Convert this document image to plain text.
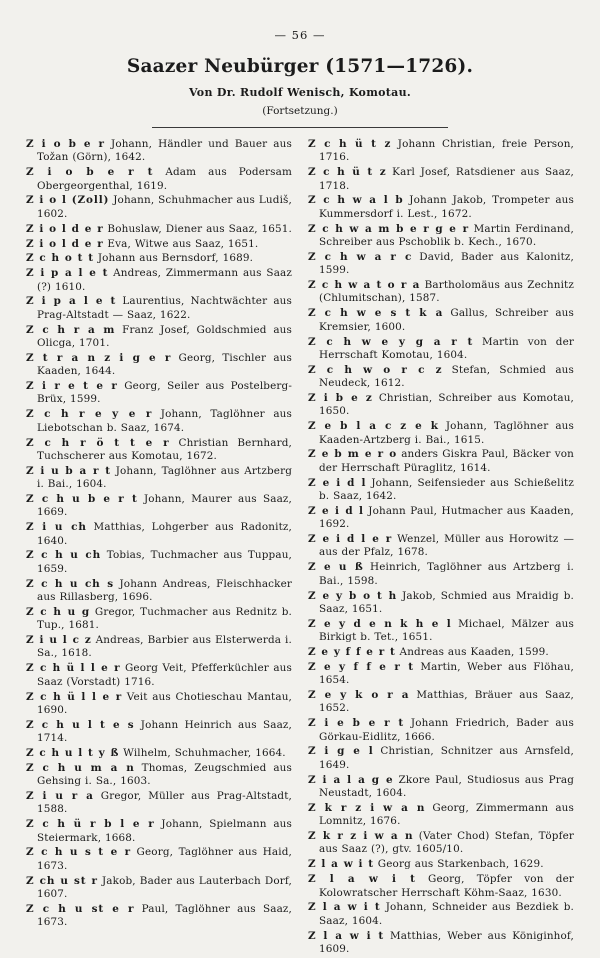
— 56 —
Saazer Neubürger (1571—1726).
Von Dr. Rudolf Wenisch, Komotau.
(Fortsetzung.)

Z i o b e r Johann, Händler und Bauer aus Tožan (Görn), 1642.

Z i o b e r t Adam aus Podersam Obergeorgenthal, 1619.

Z i o l (Zoll) Johann, Schuhmacher aus Ludiš, 1602.

Z i o l d e r Bohuslaw, Diener aus Saaz, 1651.

Z i o l d e r Eva, Witwe aus Saaz, 1651.

Z c h o t t Johann aus Bernsdorf, 1689.

Z i p a l e t Andreas, Zimmermann aus Saaz (?) 1610.

Z i p a l e t Laurentius, Nachtwächter aus Prag-Altstadt — Saaz, 1622.

Z c h r a m Franz Josef, Goldschmied aus Olicga, 1701.

Z t r a n z i g e r Georg, Tischler aus Kaaden, 1644.

Z i r e t e r Georg, Seiler aus Postelberg-Brüx, 1599.

Z c h r e y e r Johann, Taglöhner aus Liebotschan b. Saaz, 1674.

Z c h r ö t t e r Christian Bernhard, Tuchscherer aus Komotau, 1672.

Z i u b a r t Johann, Taglöhner aus Artzberg i. Bai., 1604.

Z c h u b e r t Johann, Maurer aus Saaz, 1669.

Z i u ch Matthias, Lohgerber aus Radonitz, 1640.

Z c h u ch Tobias, Tuchmacher aus Tuppau, 1659.

Z c h u ch s Johann Andreas, Fleischhacker aus Rillasberg, 1696.

Z c h u g Gregor, Tuchmacher aus Rednitz b. Tup., 1681.

Z i u l c z Andreas, Barbier aus Elsterwerda i. Sa., 1618.

Z c h ü l l e r Georg Veit, Pfefferküchler aus Saaz (Vorstadt) 1716.

Z c h ü l l e r Veit aus Chotieschau Mantau, 1690.

Z c h u l t e s Johann Heinrich aus Saaz, 1714.

Z c h u l t y ß Wilhelm, Schuhmacher, 1664.

Z c h u m a n Thomas, Zeugschmied aus Gehsing i. Sa., 1603.

Z i u r a Gregor, Müller aus Prag-Altstadt, 1588.

Z c h ü r b l e r Johann, Spielmann aus Steiermark, 1668.

Z c h u s t e r Georg, Taglöhner aus Haid, 1673.

Z ch u st r Jakob, Bader aus Lauterbach Dorf, 1607.

Z c h u st e r Paul, Taglöhner aus Saaz, 1673.

Z c h ü t z Johann Christian, freie Person, 1716.

Z c h ü t z Karl Josef, Ratsdiener aus Saaz, 1718.

Z c h w a l b Johann Jakob, Trompeter aus Kummersdorf i. Lest., 1672.

Z c h w a m b e r g e r Martin Ferdinand, Schreiber aus Pschoblik b. Kech., 1670.

Z c h w a r c David, Bader aus Kalonitz, 1599.

Z c h w a t o r a Bartholomäus aus Zechnitz (Chlumitschan), 1587.

Z c h w e s t k a Gallus, Schreiber aus Kremsier, 1600.

Z c h w e y g a r t Martin von der Herrschaft Komotau, 1604.

Z c h w o r c z Stefan, Schmied aus Neudeck, 1612.

Z i b e z Christian, Schreiber aus Komotau, 1650.

Z e b l a c z e k Johann, Taglöhner aus Kaaden-Artzberg i. Bai., 1615.

Z e b m e r o anders Giskra Paul, Bäcker von der Herrschaft Püraglitz, 1614.

Z e i d l Johann, Seifensieder aus Schießelitz b. Saaz, 1642.

Z e i d l Johann Paul, Hutmacher aus Kaaden, 1692.

Z e i d l e r Wenzel, Müller aus Horowitz — aus der Pfalz, 1678.

Z e u ß Heinrich, Taglöhner aus Artzberg i. Bai., 1598.

Z e y b o t h Jakob, Schmied aus Mraidig b. Saaz, 1651.

Z e y d e n k h e l Michael, Mälzer aus Birkigt b. Tet., 1651.

Z e y f f e r t Andreas aus Kaaden, 1599.

Z e y f f e r t Martin, Weber aus Flöhau, 1654.

Z e y k o r a Matthias, Bräuer aus Saaz, 1652.

Z i e b e r t Johann Friedrich, Bader aus Görkau-Eidlitz, 1666.

Z i g e l Christian, Schnitzer aus Arnsfeld, 1649.

Z i a l a g e Zkore Paul, Studiosus aus Prag Neustadt, 1604.

Z k r z i w a n Georg, Zimmermann aus Lomnitz, 1676.

Z k r z i w a n (Vater Chod) Stefan, Töpfer aus Saaz (?), gtv. 1605/10.

Z l a w i t Georg aus Starkenbach, 1629.

Z l a w i t Georg, Töpfer von der Kolowratscher Herrschaft Köhm-Saaz, 1630.

Z l a w i t Johann, Schneider aus Bezdiek b. Saaz, 1604.

Z l a w i t Matthias, Weber aus Königinhof, 1609.
